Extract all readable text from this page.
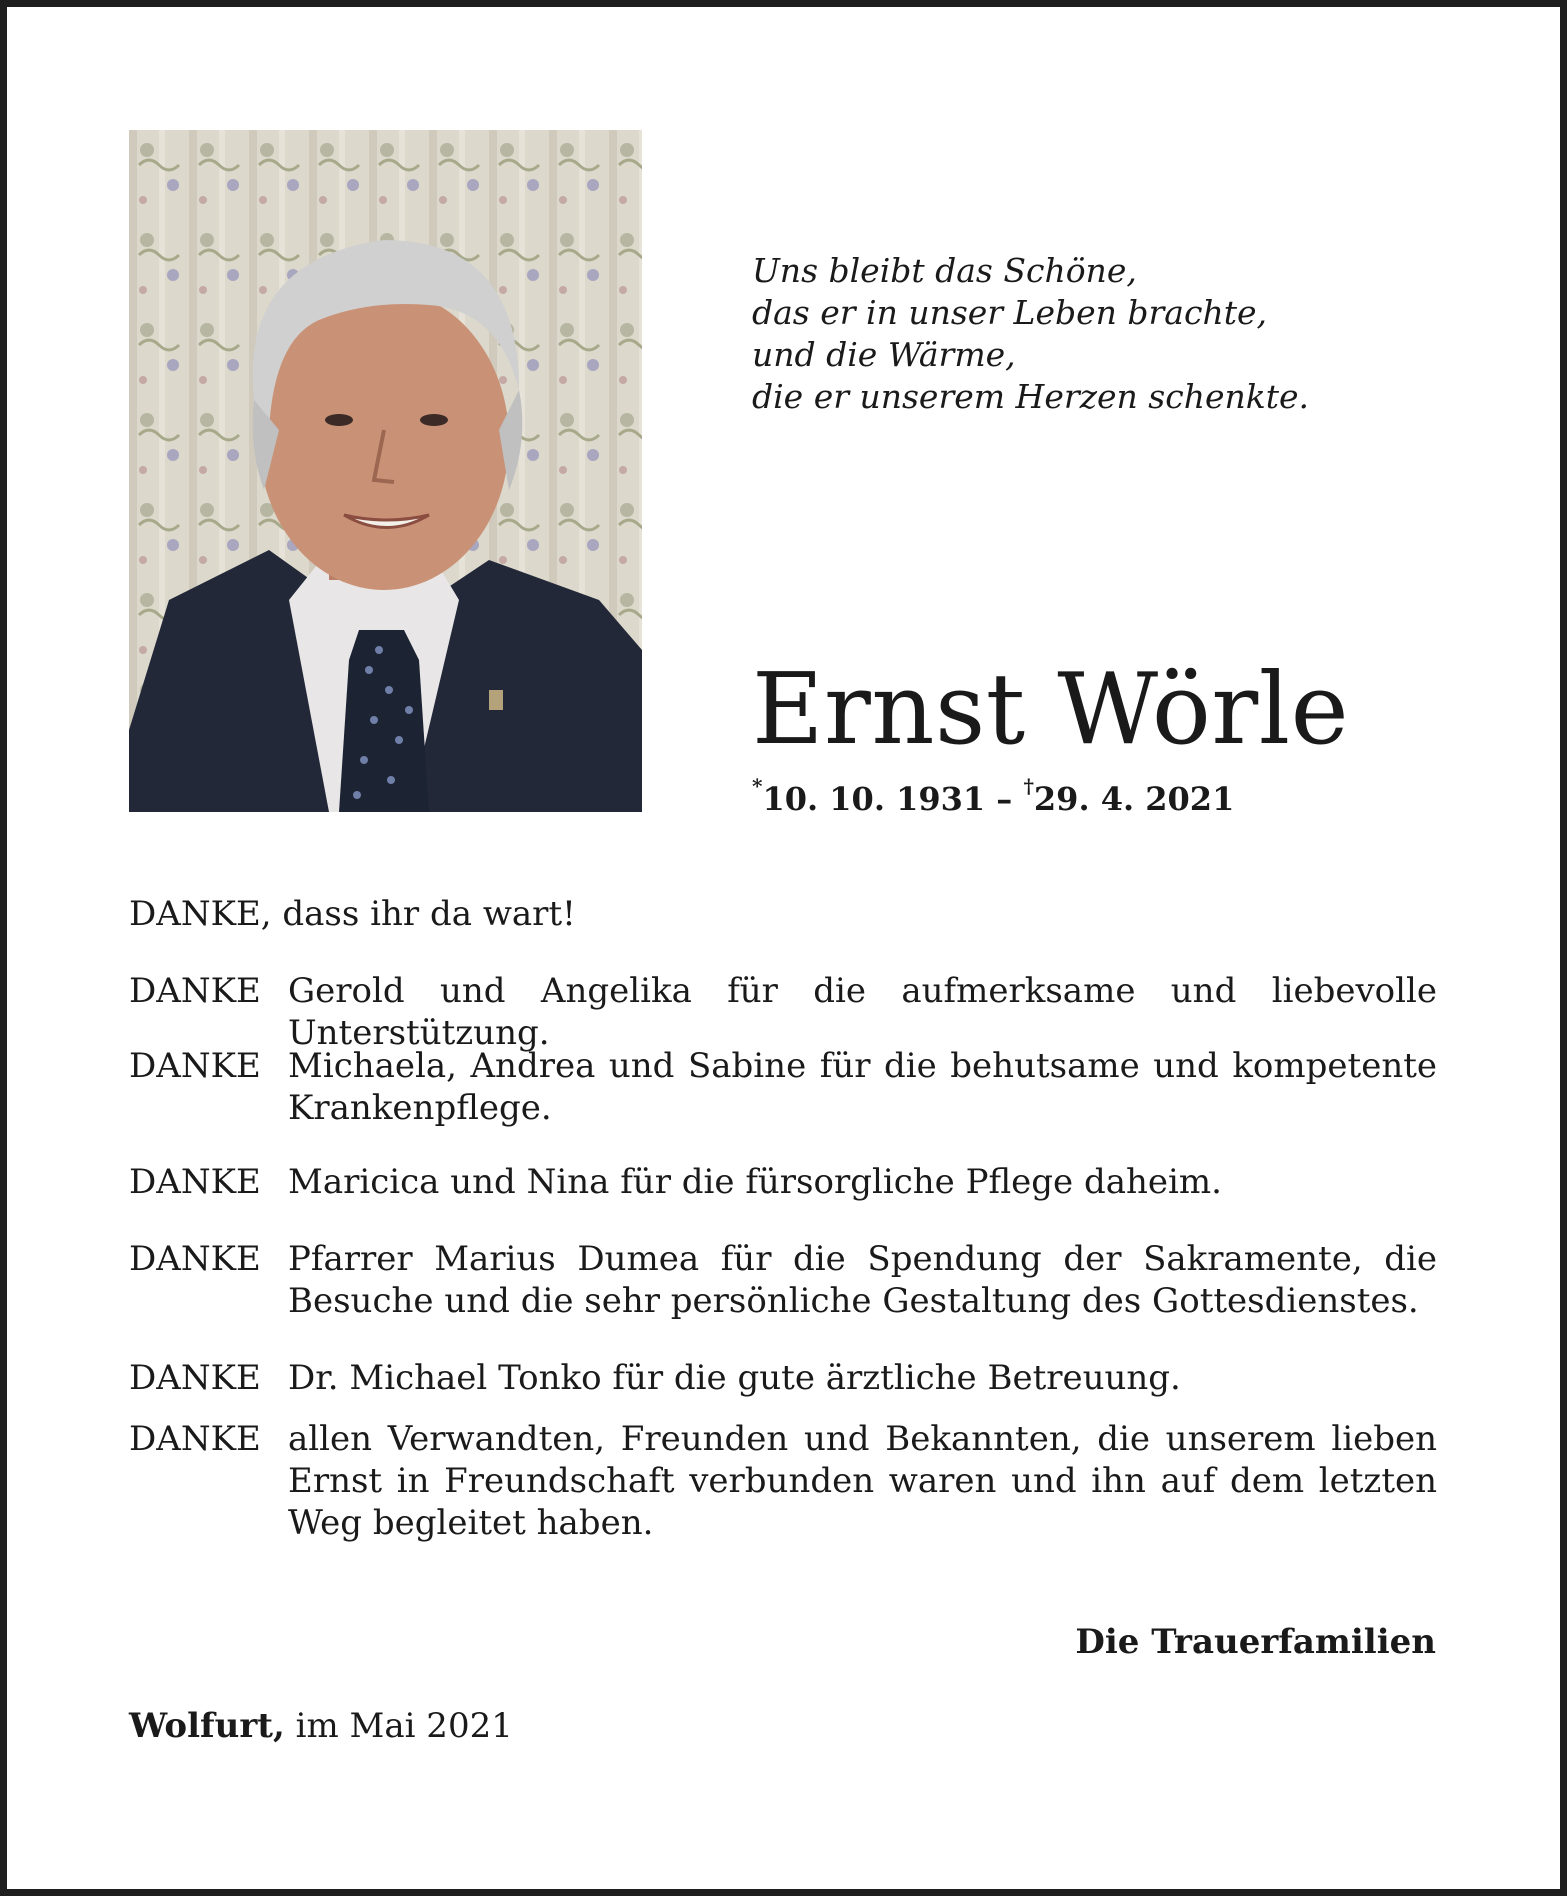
Uns bleibt das Schöne,
das er in unser Leben brachte,
und die Wärme,
die er unserem Herzen schenkte.
Ernst Wörle
*10. 10. 1931 – †29. 4. 2021
DANKE, dass ihr da wart!
DANKE Gerold und Angelika für die aufmerksame und liebevolle Unterstützung.
DANKE Michaela, Andrea und Sabine für die behutsame und kompetente Krankenpflege.
DANKE Maricica und Nina für die fürsorgliche Pflege daheim.
DANKE Pfarrer Marius Dumea für die Spendung der Sakramente, die Besuche und die sehr persönliche Gestaltung des Gottesdienstes.
DANKE Dr. Michael Tonko für die gute ärztliche Betreuung.
DANKE allen Verwandten, Freunden und Bekannten, die unserem lieben Ernst in Freundschaft verbunden waren und ihn auf dem letzten Weg begleitet haben.
Die Trauerfamilien
Wolfurt, im Mai 2021
